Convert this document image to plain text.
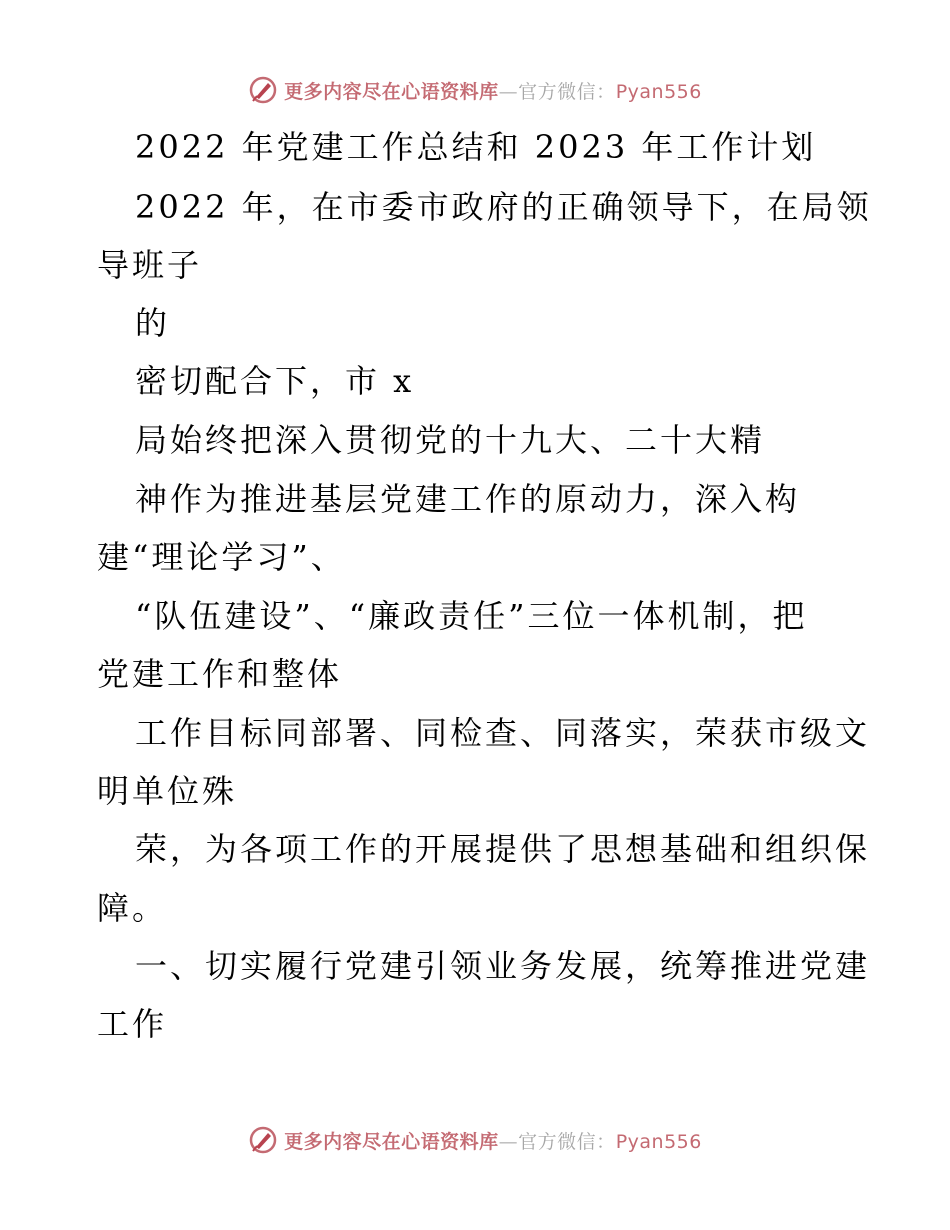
更多内容尽在心语资料库—官方微信：Pyan556
2022 年党建工作总结和 2023 年工作计划
2022 年，在市委市政府的正确领导下，在局领
导班子
的
密切配合下，市 x
局始终把深入贯彻党的十九大、二十大精
神作为推进基层党建工作的原动力，深入构
建“理论学习”、
“队伍建设”、“廉政责任”三位一体机制，把
党建工作和整体
工作目标同部署、同检查、同落实，荣获市级文
明单位殊
荣，为各项工作的开展提供了思想基础和组织保
障。
一、切实履行党建引领业务发展，统筹推进党建
工作
更多内容尽在心语资料库—官方微信：Pyan556
